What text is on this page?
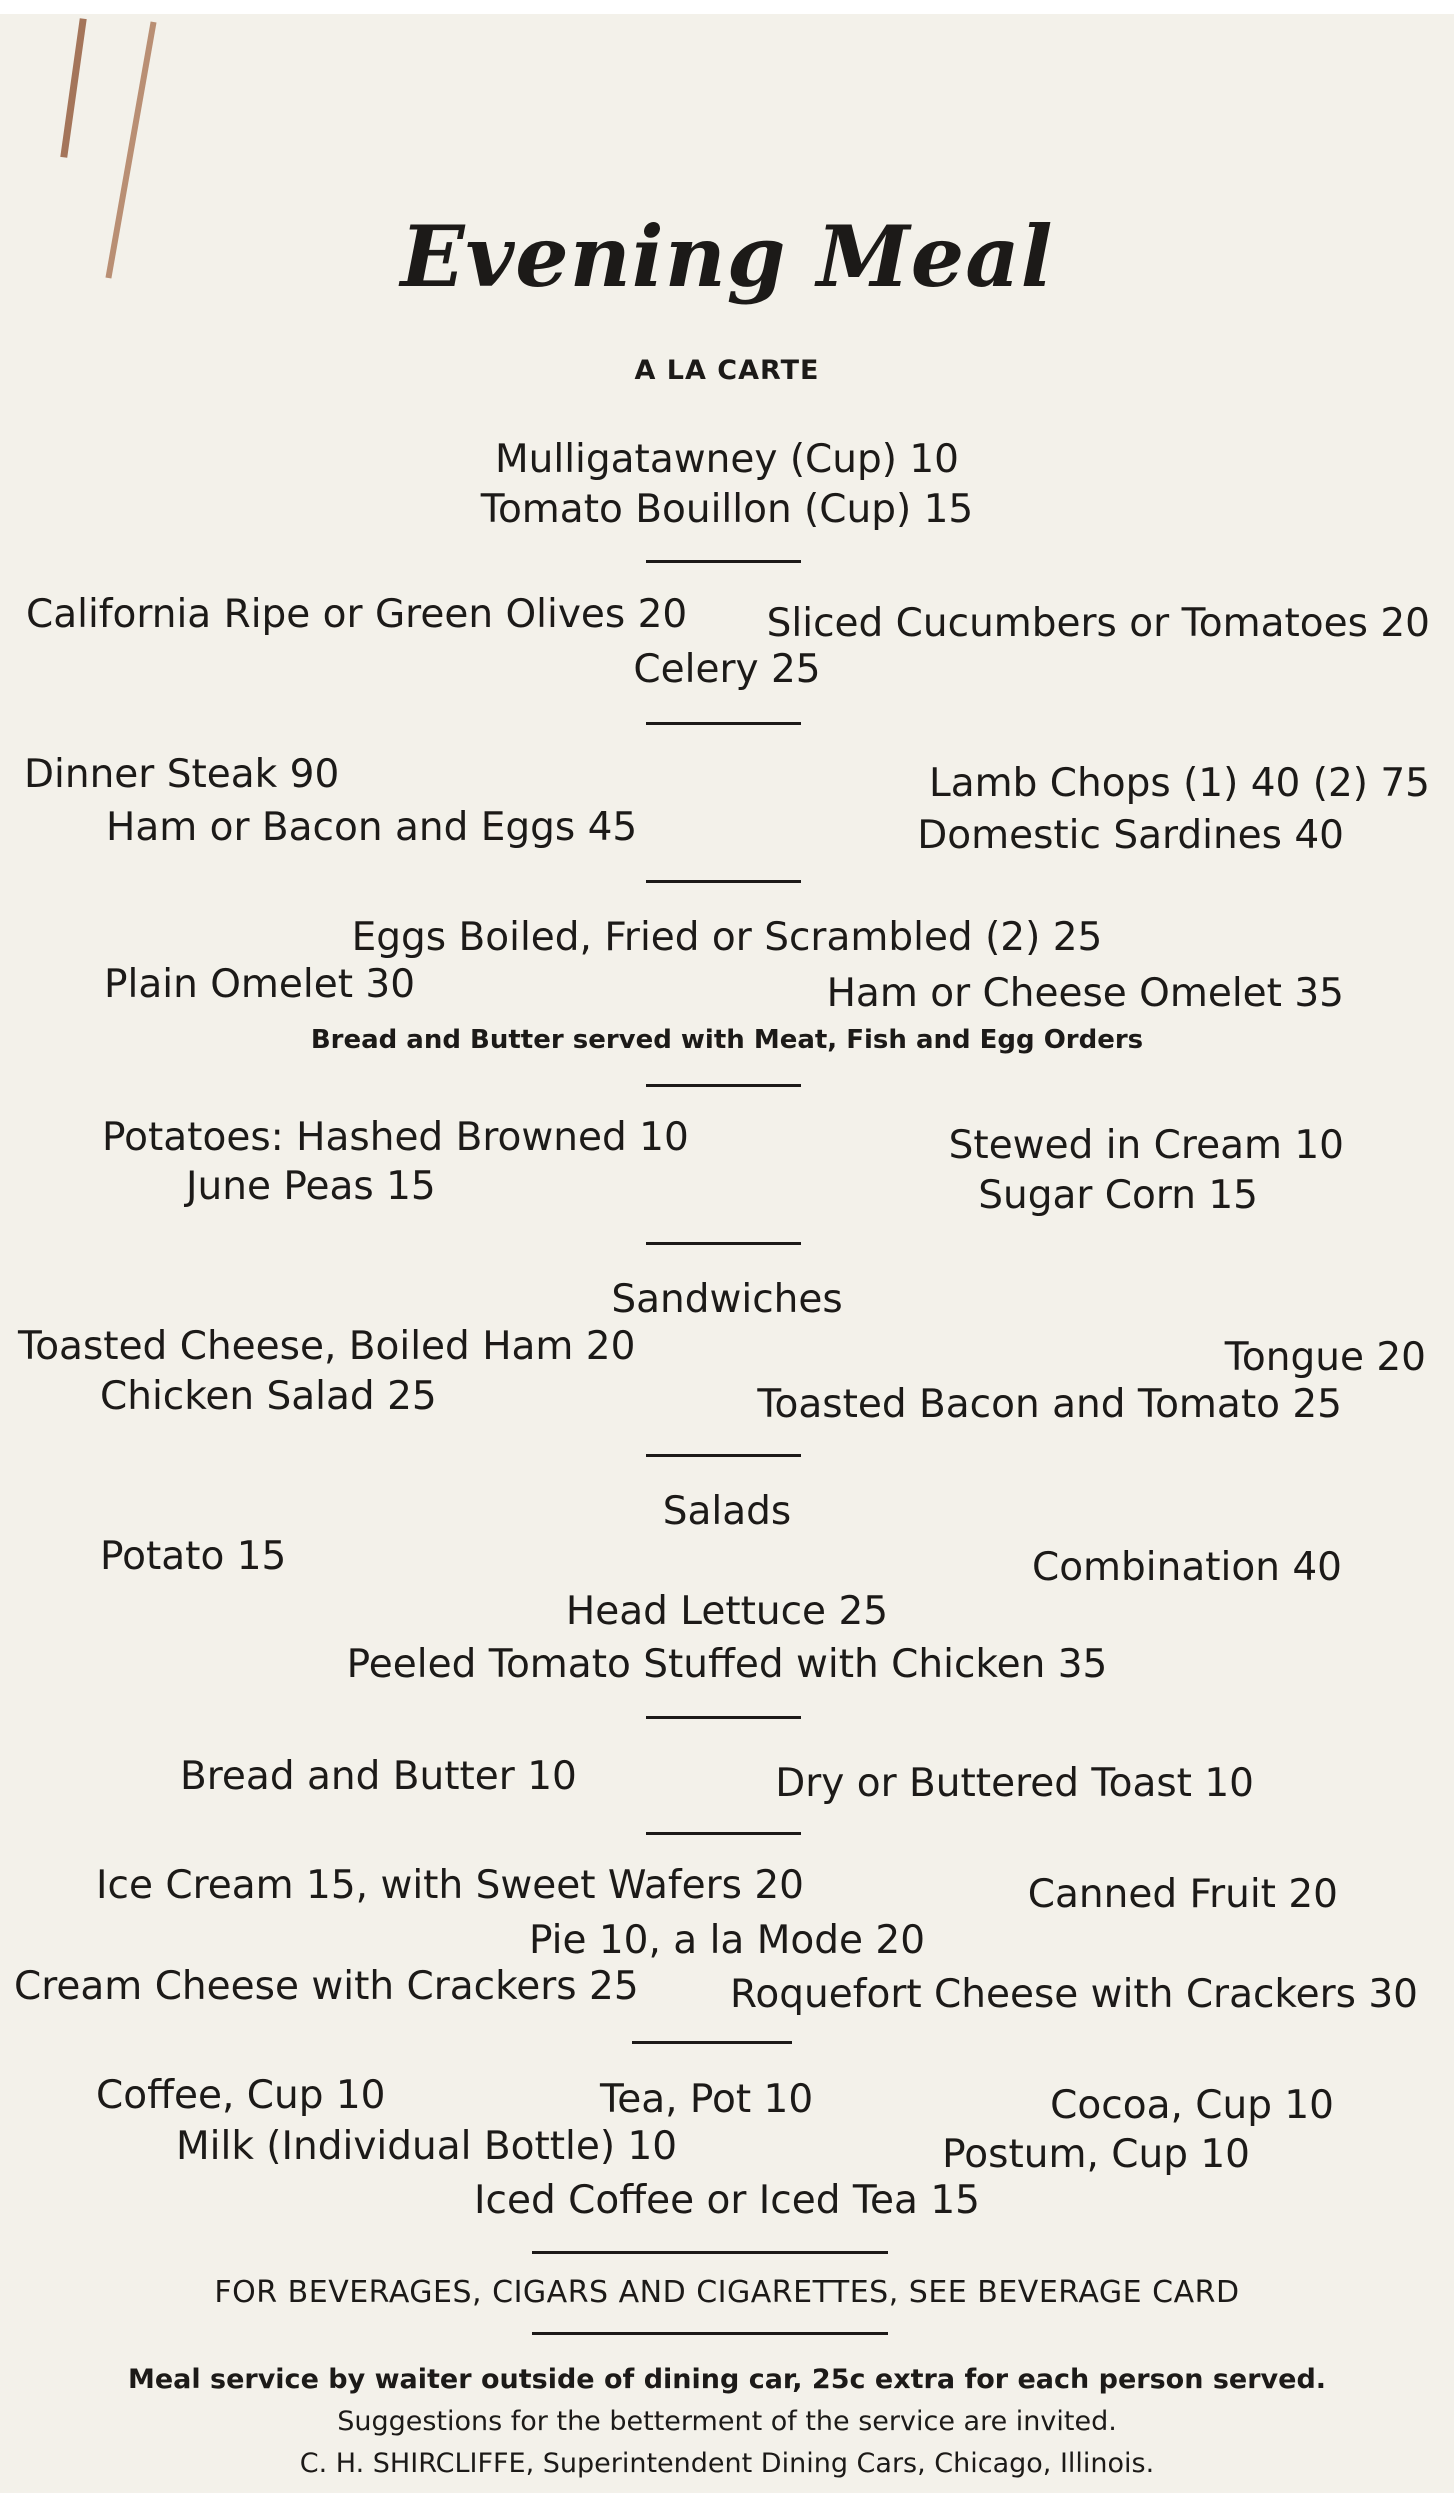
Evening Meal
A LA CARTE
Mulligatawney (Cup) 10
Tomato Bouillon (Cup) 15
California Ripe or Green Olives 20 Sliced Cucumbers or Tomatoes 20
Celery 25
Dinner Steak 90	Lamb Chops (1) 40 (2) 75
Ham or Bacon and Eggs 45	Domestic Sardines 40
Eggs Boiled, Fried or Scrambled (2) 25
Plain Omelet 30	Ham or Cheese Omelet 35
Bread and Butter served with Meat, Fish and Egg Orders
Potatoes: Hashed Browned 10	Stewed in Cream 10
June Peas 15	Sugar Corn 15
Sandwiches
Toasted Cheese, Boiled Ham 20	Tongue 20
Chicken Salad 25	Toasted Bacon and Tomato 25
Salads
Potato 15	Combination 40
Head Lettuce 25
Peeled Tomato Stuffed with Chicken 35
Bread and Butter 10	Dry or Buttered Toast 10
Ice Cream 15, with Sweet Wafers 20	Canned Fruit 20
Pie 10, a la Mode 20
Cream Cheese with Crackers 25 Roquefort Cheese with Crackers 30
Coffee, Cup 10	Tea, Pot 10	Cocoa, Cup 10
Milk (Individual Bottle) 10	Postum, Cup 10
Iced Coffee or Iced Tea 15
FOR BEVERAGES, CIGARS AND CIGARETTES, SEE BEVERAGE CARD
Meal service by waiter outside of dining car, 25c extra for each person served.
Suggestions for the betterment of the service are invited.
C. H. SHIRCLIFFE, Superintendent Dining Cars, Chicago, Illinois.
